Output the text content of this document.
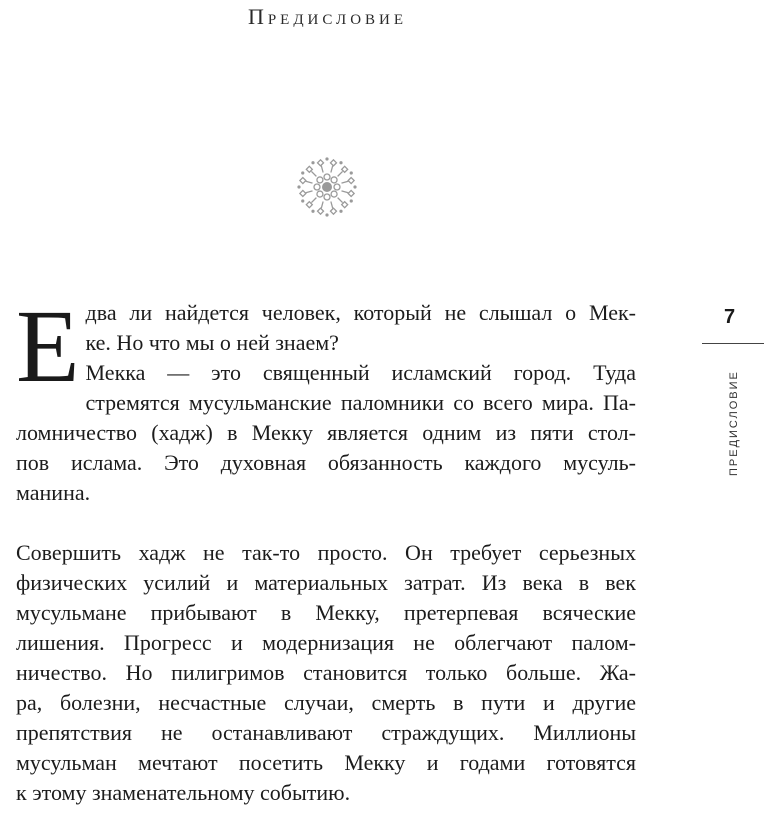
Предисловие
Е два ли найдется человек, который не слышал о Мек-
ке. Но что мы о ней знаем?
Мекка — это священный исламский город. Туда
стремятся мусульманские паломники со всего мира. Па-
ломничество (хадж) в Мекку является одним из пяти стол-
пов ислама. Это духовная обязанность каждого мусуль-
манина.
Совершить хадж не так-то просто. Он требует серьезных
физических усилий и материальных затрат. Из века в век
мусульмане прибывают в Мекку, претерпевая всяческие
лишения. Прогресс и модернизация не облегчают палом-
ничество. Но пилигримов становится только больше. Жа-
ра, болезни, несчастные случаи, смерть в пути и другие
препятствия не останавливают страждущих. Миллионы
мусульман мечтают посетить Мекку и годами готовятся
к этому знаменательному событию.
7
ПРЕДИСЛОВИЕ
